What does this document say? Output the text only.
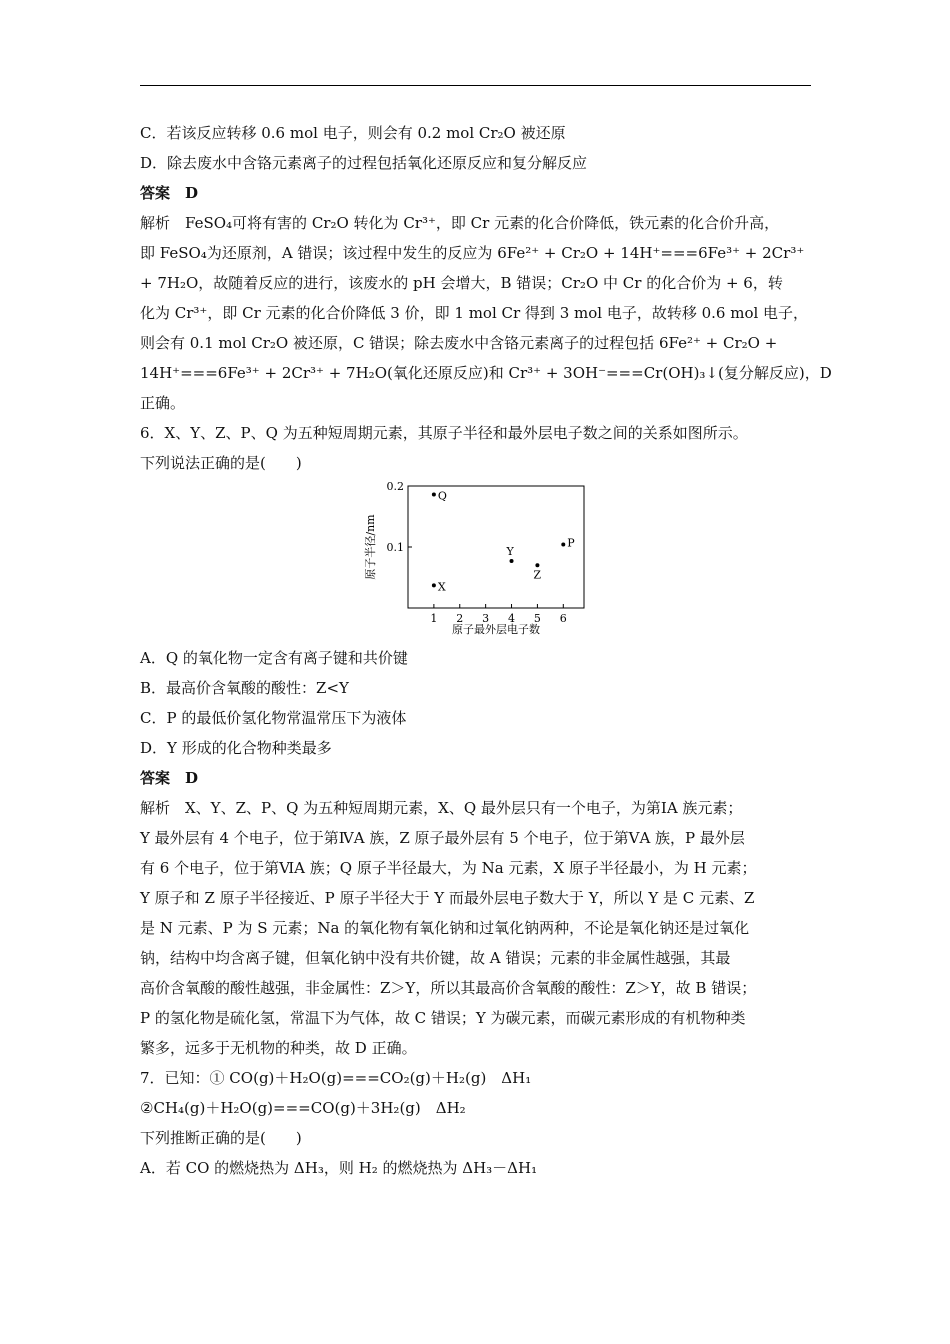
C．若该反应转移 0.6 mol 电子，则会有 0.2 mol Cr₂O 被还原
D．除去废水中含铬元素离子的过程包括氧化还原反应和复分解反应
答案　D
解析　FeSO₄可将有害的 Cr₂O 转化为 Cr³⁺，即 Cr 元素的化合价降低，铁元素的化合价升高，
即 FeSO₄为还原剂，A 错误；该过程中发生的反应为 6Fe²⁺ + Cr₂O + 14H⁺===6Fe³⁺ + 2Cr³⁺
+ 7H₂O，故随着反应的进行，该废水的 pH 会增大，B 错误；Cr₂O 中 Cr 的化合价为 + 6，转
化为 Cr³⁺，即 Cr 元素的化合价降低 3 价，即 1 mol Cr 得到 3 mol 电子，故转移 0.6 mol 电子，
则会有 0.1 mol Cr₂O 被还原，C 错误；除去废水中含铬元素离子的过程包括 6Fe²⁺ + Cr₂O +
14H⁺===6Fe³⁺ + 2Cr³⁺ + 7H₂O(氧化还原反应)和 Cr³⁺ + 3OH⁻===Cr(OH)₃↓(复分解反应)，D
正确。
6．X、Y、Z、P、Q 为五种短周期元素，其原子半径和最外层电子数之间的关系如图所示。
下列说法正确的是(　　)
1 2 3 4 5 6
0.1
0.2
Q
X
Y
Z
P
原子最外层电子数
原子半径/nm
A．Q 的氧化物一定含有离子键和共价键
B．最高价含氧酸的酸性：Z<Y
C．P 的最低价氢化物常温常压下为液体
D．Y 形成的化合物种类最多
答案　D
解析　X、Y、Z、P、Q 为五种短周期元素，X、Q 最外层只有一个电子，为第ⅠA 族元素；
Y 最外层有 4 个电子，位于第ⅣA 族，Z 原子最外层有 5 个电子，位于第ⅤA 族，P 最外层
有 6 个电子，位于第ⅥA 族；Q 原子半径最大，为 Na 元素，X 原子半径最小，为 H 元素；
Y 原子和 Z 原子半径接近、P 原子半径大于 Y 而最外层电子数大于 Y，所以 Y 是 C 元素、Z
是 N 元素、P 为 S 元素；Na 的氧化物有氧化钠和过氧化钠两种，不论是氧化钠还是过氧化
钠，结构中均含离子键，但氧化钠中没有共价键，故 A 错误；元素的非金属性越强，其最
高价含氧酸的酸性越强，非金属性：Z＞Y，所以其最高价含氧酸的酸性：Z＞Y，故 B 错误；
P 的氢化物是硫化氢，常温下为气体，故 C 错误；Y 为碳元素，而碳元素形成的有机物种类
繁多，远多于无机物的种类，故 D 正确。
7．已知：① CO(g)＋H₂O(g)===CO₂(g)＋H₂(g)　ΔH₁
②CH₄(g)＋H₂O(g)===CO(g)＋3H₂(g)　ΔH₂
下列推断正确的是(　　)
A．若 CO 的燃烧热为 ΔH₃，则 H₂ 的燃烧热为 ΔH₃－ΔH₁
